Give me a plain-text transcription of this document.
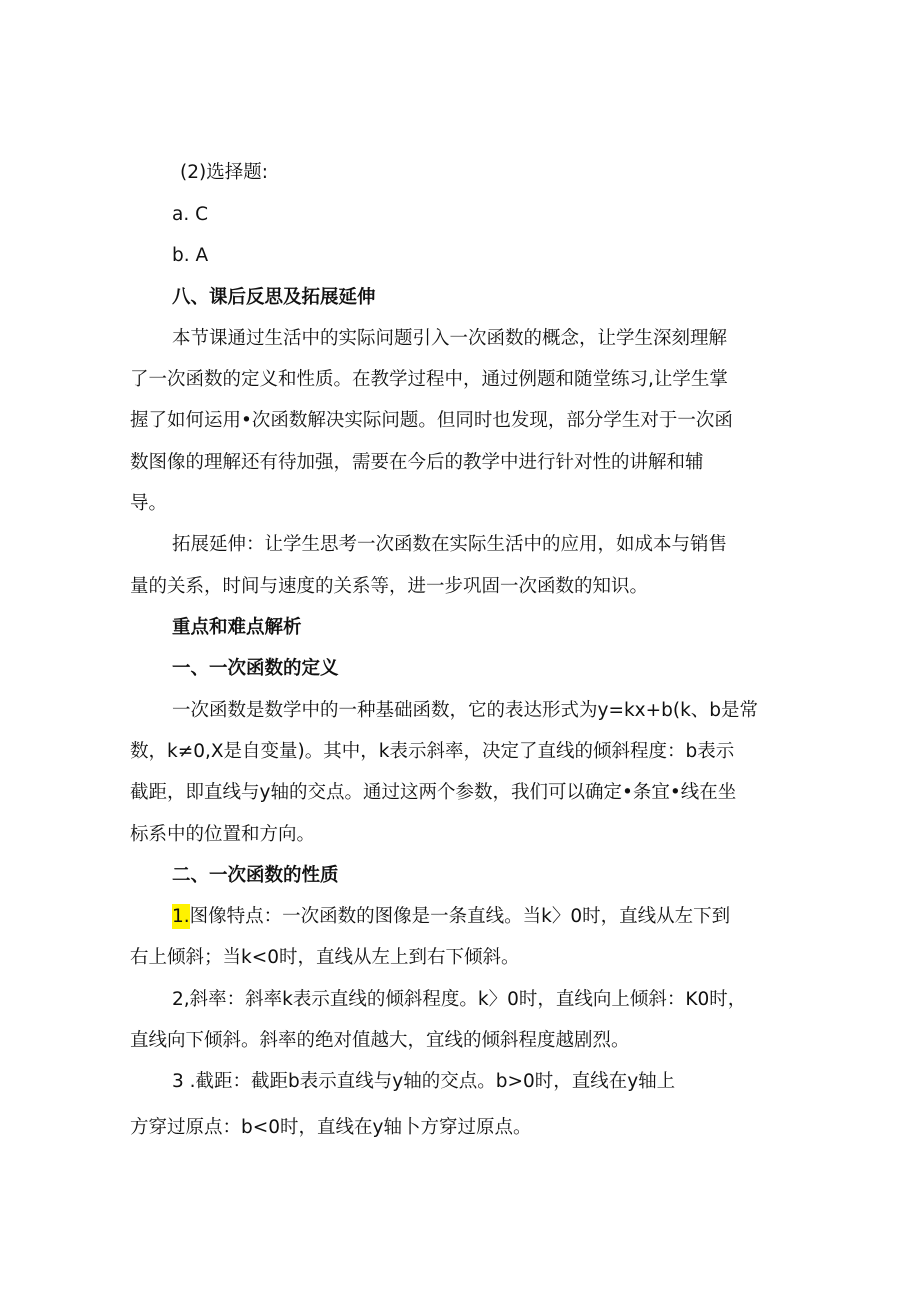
(2)选择题:
a. C
b. A
八、课后反思及拓展延伸
本节课通过生活中的实际问题引入一次函数的概念，让学生深刻理解
了一次函数的定义和性质。在教学过程中，通过例题和随堂练习,让学生掌
握了如何运用•次函数解决实际问题。但同时也发现，部分学生对于一次函
数图像的理解还有待加强，需要在今后的教学中进行针对性的讲解和辅
导。
拓展延伸：让学生思考一次函数在实际生活中的应用，如成本与销售
量的关系，时间与速度的关系等，进一步巩固一次函数的知识。
重点和难点解析
一、一次函数的定义
一次函数是数学中的一种基础函数，它的表达形式为y=kx+b(k、b是常
数，k≠0,X是自变量)。其中，k表示斜率，决定了直线的倾斜程度：b表示
截距，即直线与y轴的交点。通过这两个参数，我们可以确定•条宜•线在坐
标系中的位置和方向。
二、一次函数的性质
1.图像特点：一次函数的图像是一条直线。当k〉0时，直线从左下到
右上倾斜；当k<0时，直线从左上到右下倾斜。
2,斜率：斜率k表示直线的倾斜程度。k〉0时，直线向上倾斜：K0时，
直线向下倾斜。斜率的绝对值越大，宜线的倾斜程度越剧烈。
3 .截距：截距b表示直线与y轴的交点。b>0时，直线在y轴上
方穿过原点：b<0时，直线在y轴卜方穿过原点。
